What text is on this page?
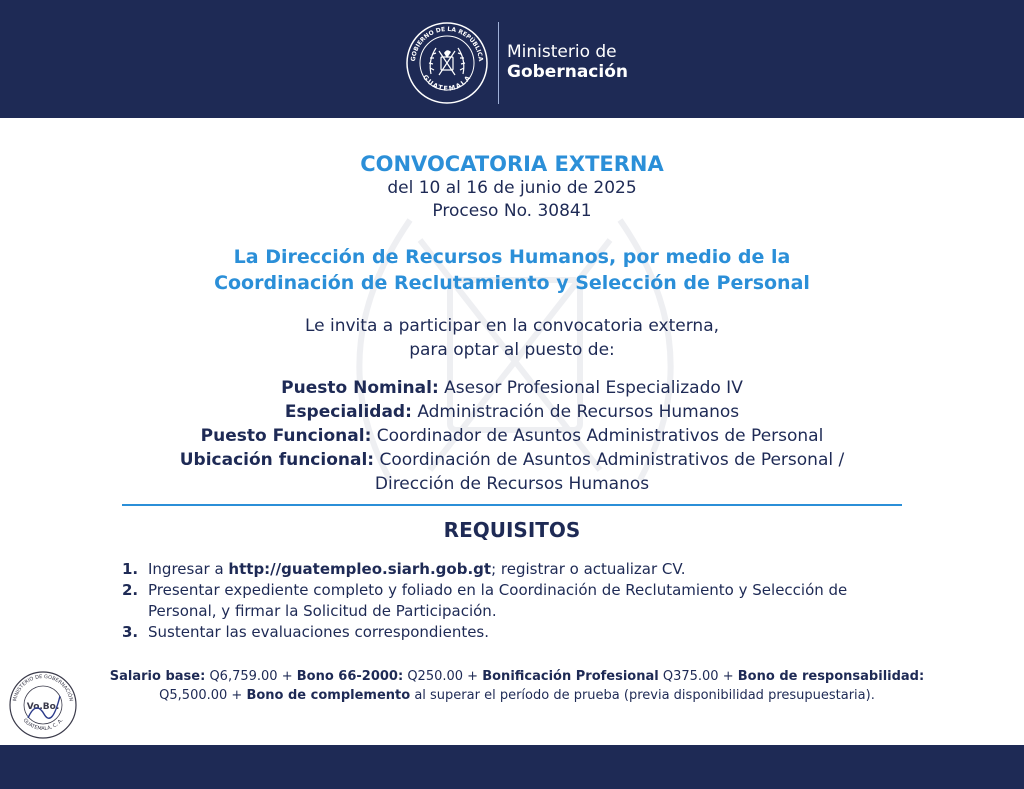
GOBIERNO DE LA REPÚBLICA
GUATEMALA
Ministerio de
Gobernación
CONVOCATORIA EXTERNA
del 10 al 16 de junio de 2025
Proceso No. 30841
La Dirección de Recursos Humanos, por medio de la
Coordinación de Reclutamiento y Selección de Personal
Le invita a participar en la convocatoria externa,
para optar al puesto de:
Puesto Nominal: Asesor Profesional Especializado IV
Especialidad: Administración de Recursos Humanos
Puesto Funcional: Coordinador de Asuntos Administrativos de Personal
Ubicación funcional: Coordinación de Asuntos Administrativos de Personal / Dirección de Recursos Humanos
REQUISITOS
1. Ingresar a http://guatempleo.siarh.gob.gt; registrar o actualizar CV.
2. Presentar expediente completo y foliado en la Coordinación de Reclutamiento y Selección de Personal, y firmar la Solicitud de Participación.
3. Sustentar las evaluaciones correspondientes.
Salario base: Q6,759.00 + Bono 66-2000: Q250.00 + Bonificación Profesional Q375.00 + Bono de responsabilidad: Q5,500.00 + Bono de complemento al superar el período de prueba (previa disponibilidad presupuestaria).
MINISTERIO DE GOBERNACIÓN
GUATEMALA, C. A.
Vo.Bo.
